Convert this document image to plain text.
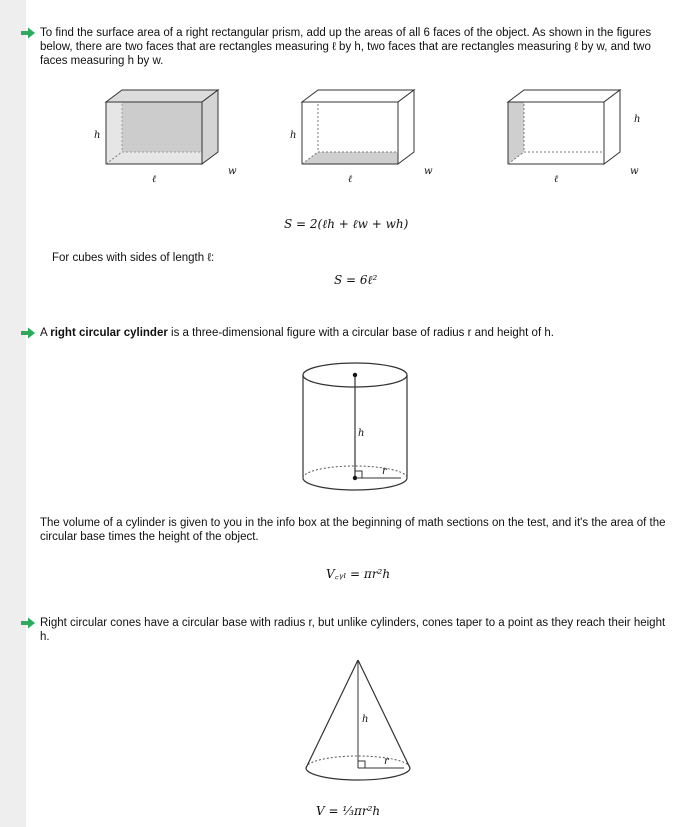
To find the surface area of a right rectangular prism, add up the areas of all 6 faces of the object. As shown in the figures below, there are two faces that are rectangles measuring ℓ by h, two faces that are rectangles measuring ℓ by w, and two faces measuring h by w.
h
ℓ
w
h
ℓ
w
h
ℓ
w
S = 2(ℓh + ℓw + wh)
For cubes with sides of length ℓ:
S = 6ℓ²
A right circular cylinder is a three-dimensional figure with a circular base of radius r and height of h.
h
r
The volume of a cylinder is given to you in the info box at the beginning of math sections on the test, and it's the area of the circular base times the height of the object.
V꜀ᵧₗ = πr²h
Right circular cones have a circular base with radius r, but unlike cylinders, cones taper to a point as they reach their height h.
h
r
V = ⅓πr²h
